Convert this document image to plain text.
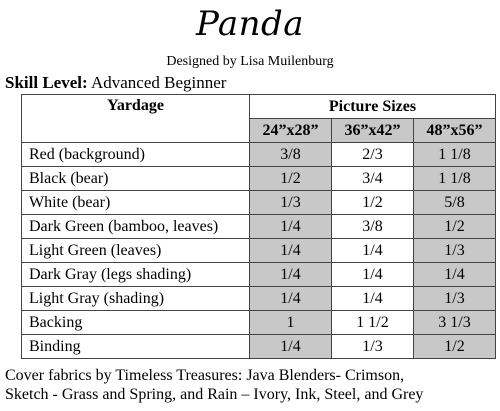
Panda
Designed by Lisa Muilenburg
Skill Level: Advanced Beginner
Yardage	Picture Sizes		
	24”x28”	36”x42”	48”x56”
Red (background)	3/8	2/3	1 1/8
Black (bear)	1/2	3/4	1 1/8
White (bear)	1/3	1/2	5/8
Dark Green (bamboo, leaves)	1/4	3/8	1/2
Light Green (leaves)	1/4	1/4	1/3
Dark Gray (legs shading)	1/4	1/4	1/4
Light Gray (shading)	1/4	1/4	1/3
Backing	1	1 1/2	3 1/3
Binding	1/4	1/3	1/2
Cover fabrics by Timeless Treasures: Java Blenders- Crimson,
Sketch - Grass and Spring, and Rain – Ivory, Ink, Steel, and Grey
